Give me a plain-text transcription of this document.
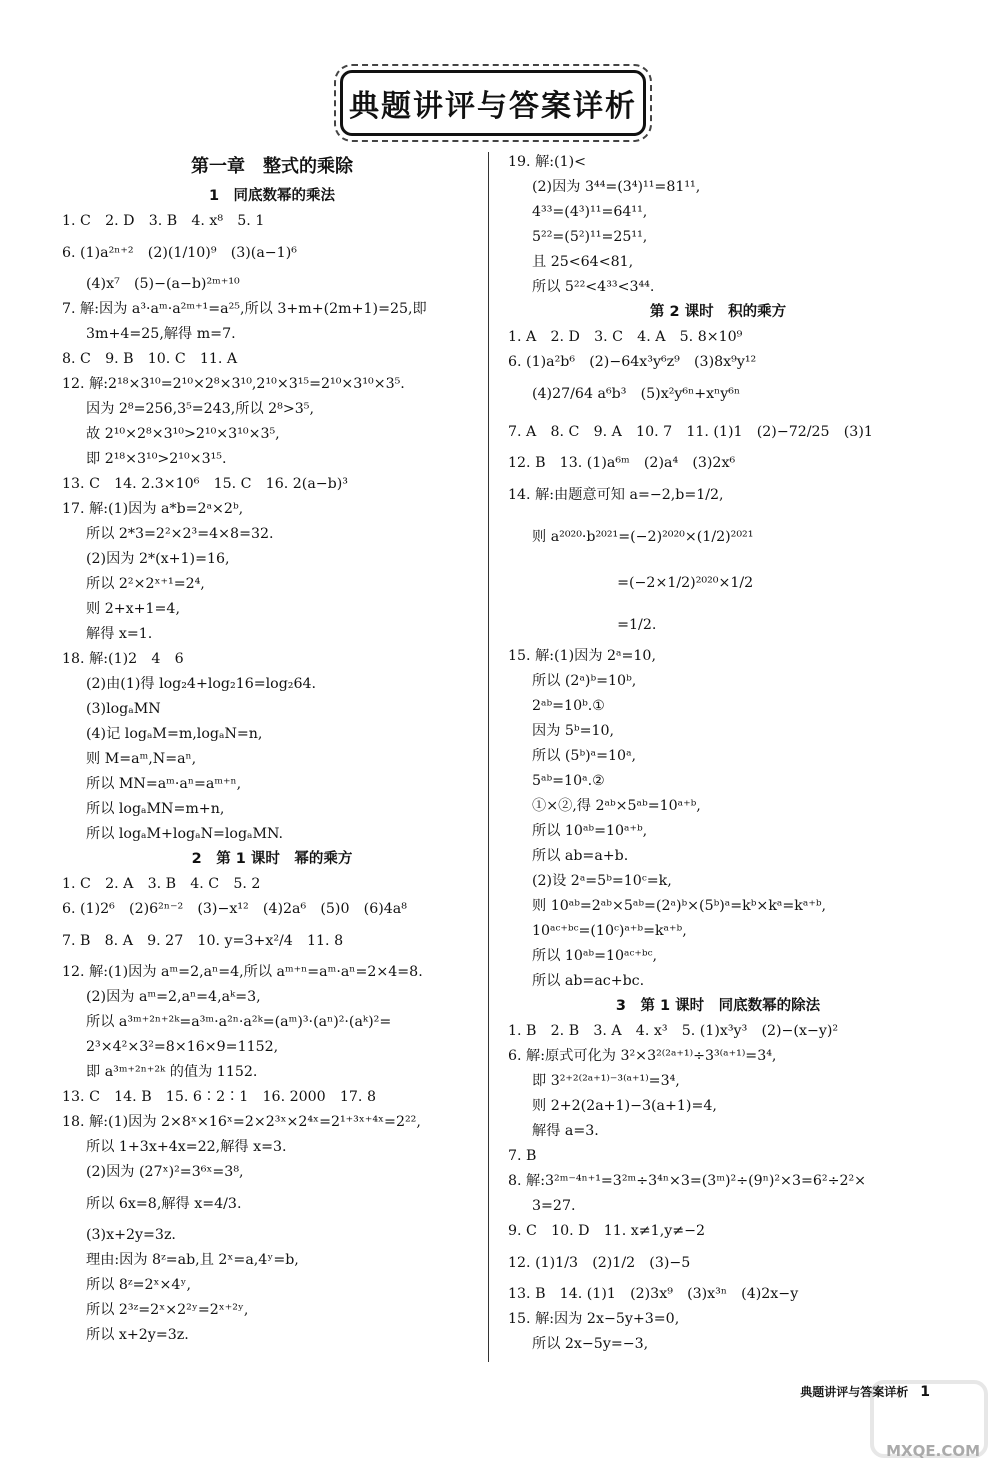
典题讲评与答案详析
第一章　整式的乘除
1　同底数幂的乘法
1. C　2. D　3. B　4. x⁸　5. 1
6. (1)a²ⁿ⁺²　(2)(1/10)⁹　(3)(a−1)⁶
(4)x⁷　(5)−(a−b)²ᵐ⁺¹⁰
7. 解:因为 a³·aᵐ·a²ᵐ⁺¹=a²⁵,所以 3+m+(2m+1)=25,即
3m+4=25,解得 m=7.
8. C　9. B　10. C　11. A
12. 解:2¹⁸×3¹⁰=2¹⁰×2⁸×3¹⁰,2¹⁰×3¹⁵=2¹⁰×3¹⁰×3⁵.
因为 2⁸=256,3⁵=243,所以 2⁸>3⁵,
故 2¹⁰×2⁸×3¹⁰>2¹⁰×3¹⁰×3⁵,
即 2¹⁸×3¹⁰>2¹⁰×3¹⁵.
13. C　14. 2.3×10⁶　15. C　16. 2(a−b)³
17. 解:(1)因为 a*b=2ᵃ×2ᵇ,
所以 2*3=2²×2³=4×8=32.
(2)因为 2*(x+1)=16,
所以 2²×2ˣ⁺¹=2⁴,
则 2+x+1=4,
解得 x=1.
18. 解:(1)2　4　6
(2)由(1)得 log₂4+log₂16=log₂64.
(3)logₐMN
(4)记 logₐM=m,logₐN=n,
则 M=aᵐ,N=aⁿ,
所以 MN=aᵐ·aⁿ=aᵐ⁺ⁿ,
所以 logₐMN=m+n,
所以 logₐM+logₐN=logₐMN.
2　第 1 课时　幂的乘方
1. C　2. A　3. B　4. C　5. 2
6. (1)2⁶　(2)6²ⁿ⁻²　(3)−x¹²　(4)2a⁶　(5)0　(6)4a⁸
7. B　8. A　9. 27　10. y=3+x²/4　11. 8
12. 解:(1)因为 aᵐ=2,aⁿ=4,所以 aᵐ⁺ⁿ=aᵐ·aⁿ=2×4=8.
(2)因为 aᵐ=2,aⁿ=4,aᵏ=3,
所以 a³ᵐ⁺²ⁿ⁺²ᵏ=a³ᵐ·a²ⁿ·a²ᵏ=(aᵐ)³·(aⁿ)²·(aᵏ)²=
2³×4²×3²=8×16×9=1152,
即 a³ᵐ⁺²ⁿ⁺²ᵏ 的值为 1152.
13. C　14. B　15. 6∶2∶1　16. 2000　17. 8
18. 解:(1)因为 2×8ˣ×16ˣ=2×2³ˣ×2⁴ˣ=2¹⁺³ˣ⁺⁴ˣ=2²²,
所以 1+3x+4x=22,解得 x=3.
(2)因为 (27ˣ)²=3⁶ˣ=3⁸,
所以 6x=8,解得 x=4/3.
(3)x+2y=3z.
理由:因为 8ᶻ=ab,且 2ˣ=a,4ʸ=b,
所以 8ᶻ=2ˣ×4ʸ,
所以 2³ᶻ=2ˣ×2²ʸ=2ˣ⁺²ʸ,
所以 x+2y=3z.
19. 解:(1)<
(2)因为 3⁴⁴=(3⁴)¹¹=81¹¹,
4³³=(4³)¹¹=64¹¹,
5²²=(5²)¹¹=25¹¹,
且 25<64<81,
所以 5²²<4³³<3⁴⁴.
第 2 课时　积的乘方
1. A　2. D　3. C　4. A　5. 8×10⁹
6. (1)a²b⁶　(2)−64x³y⁶z⁹　(3)8x⁹y¹²
(4)27/64 a⁶b³　(5)x²y⁶ⁿ+xⁿy⁶ⁿ
7. A　8. C　9. A　10. 7　11. (1)1　(2)−72/25　(3)1
12. B　13. (1)a⁶ᵐ　(2)a⁴　(3)2x⁶
14. 解:由题意可知 a=−2,b=1/2,
则 a²⁰²⁰·b²⁰²¹=(−2)²⁰²⁰×(1/2)²⁰²¹
　　　　　　=(−2×1/2)²⁰²⁰×1/2
　　　　　　=1/2.
15. 解:(1)因为 2ᵃ=10,
所以 (2ᵃ)ᵇ=10ᵇ,
2ᵃᵇ=10ᵇ.①
因为 5ᵇ=10,
所以 (5ᵇ)ᵃ=10ᵃ,
5ᵃᵇ=10ᵃ.②
①×②,得 2ᵃᵇ×5ᵃᵇ=10ᵃ⁺ᵇ,
所以 10ᵃᵇ=10ᵃ⁺ᵇ,
所以 ab=a+b.
(2)设 2ᵃ=5ᵇ=10ᶜ=k,
则 10ᵃᵇ=2ᵃᵇ×5ᵃᵇ=(2ᵃ)ᵇ×(5ᵇ)ᵃ=kᵇ×kᵃ=kᵃ⁺ᵇ,
10ᵃᶜ⁺ᵇᶜ=(10ᶜ)ᵃ⁺ᵇ=kᵃ⁺ᵇ,
所以 10ᵃᵇ=10ᵃᶜ⁺ᵇᶜ,
所以 ab=ac+bc.
3　第 1 课时　同底数幂的除法
1. B　2. B　3. A　4. x³　5. (1)x³y³　(2)−(x−y)²
6. 解:原式可化为 3²×3²⁽²ᵃ⁺¹⁾÷3³⁽ᵃ⁺¹⁾=3⁴,
即 3²⁺²⁽²ᵃ⁺¹⁾⁻³⁽ᵃ⁺¹⁾=3⁴,
则 2+2(2a+1)−3(a+1)=4,
解得 a=3.
7. B
8. 解:3²ᵐ⁻⁴ⁿ⁺¹=3²ᵐ÷3⁴ⁿ×3=(3ᵐ)²÷(9ⁿ)²×3=6²÷2²×
3=27.
9. C　10. D　11. x≠1,y≠−2
12. (1)1/3　(2)1/2　(3)−5
13. B　14. (1)1　(2)3x⁹　(3)x³ⁿ　(4)2x−y
15. 解:因为 2x−5y+3=0,
所以 2x−5y=−3,
典题讲评与答案详析 1
MXQE.COM
